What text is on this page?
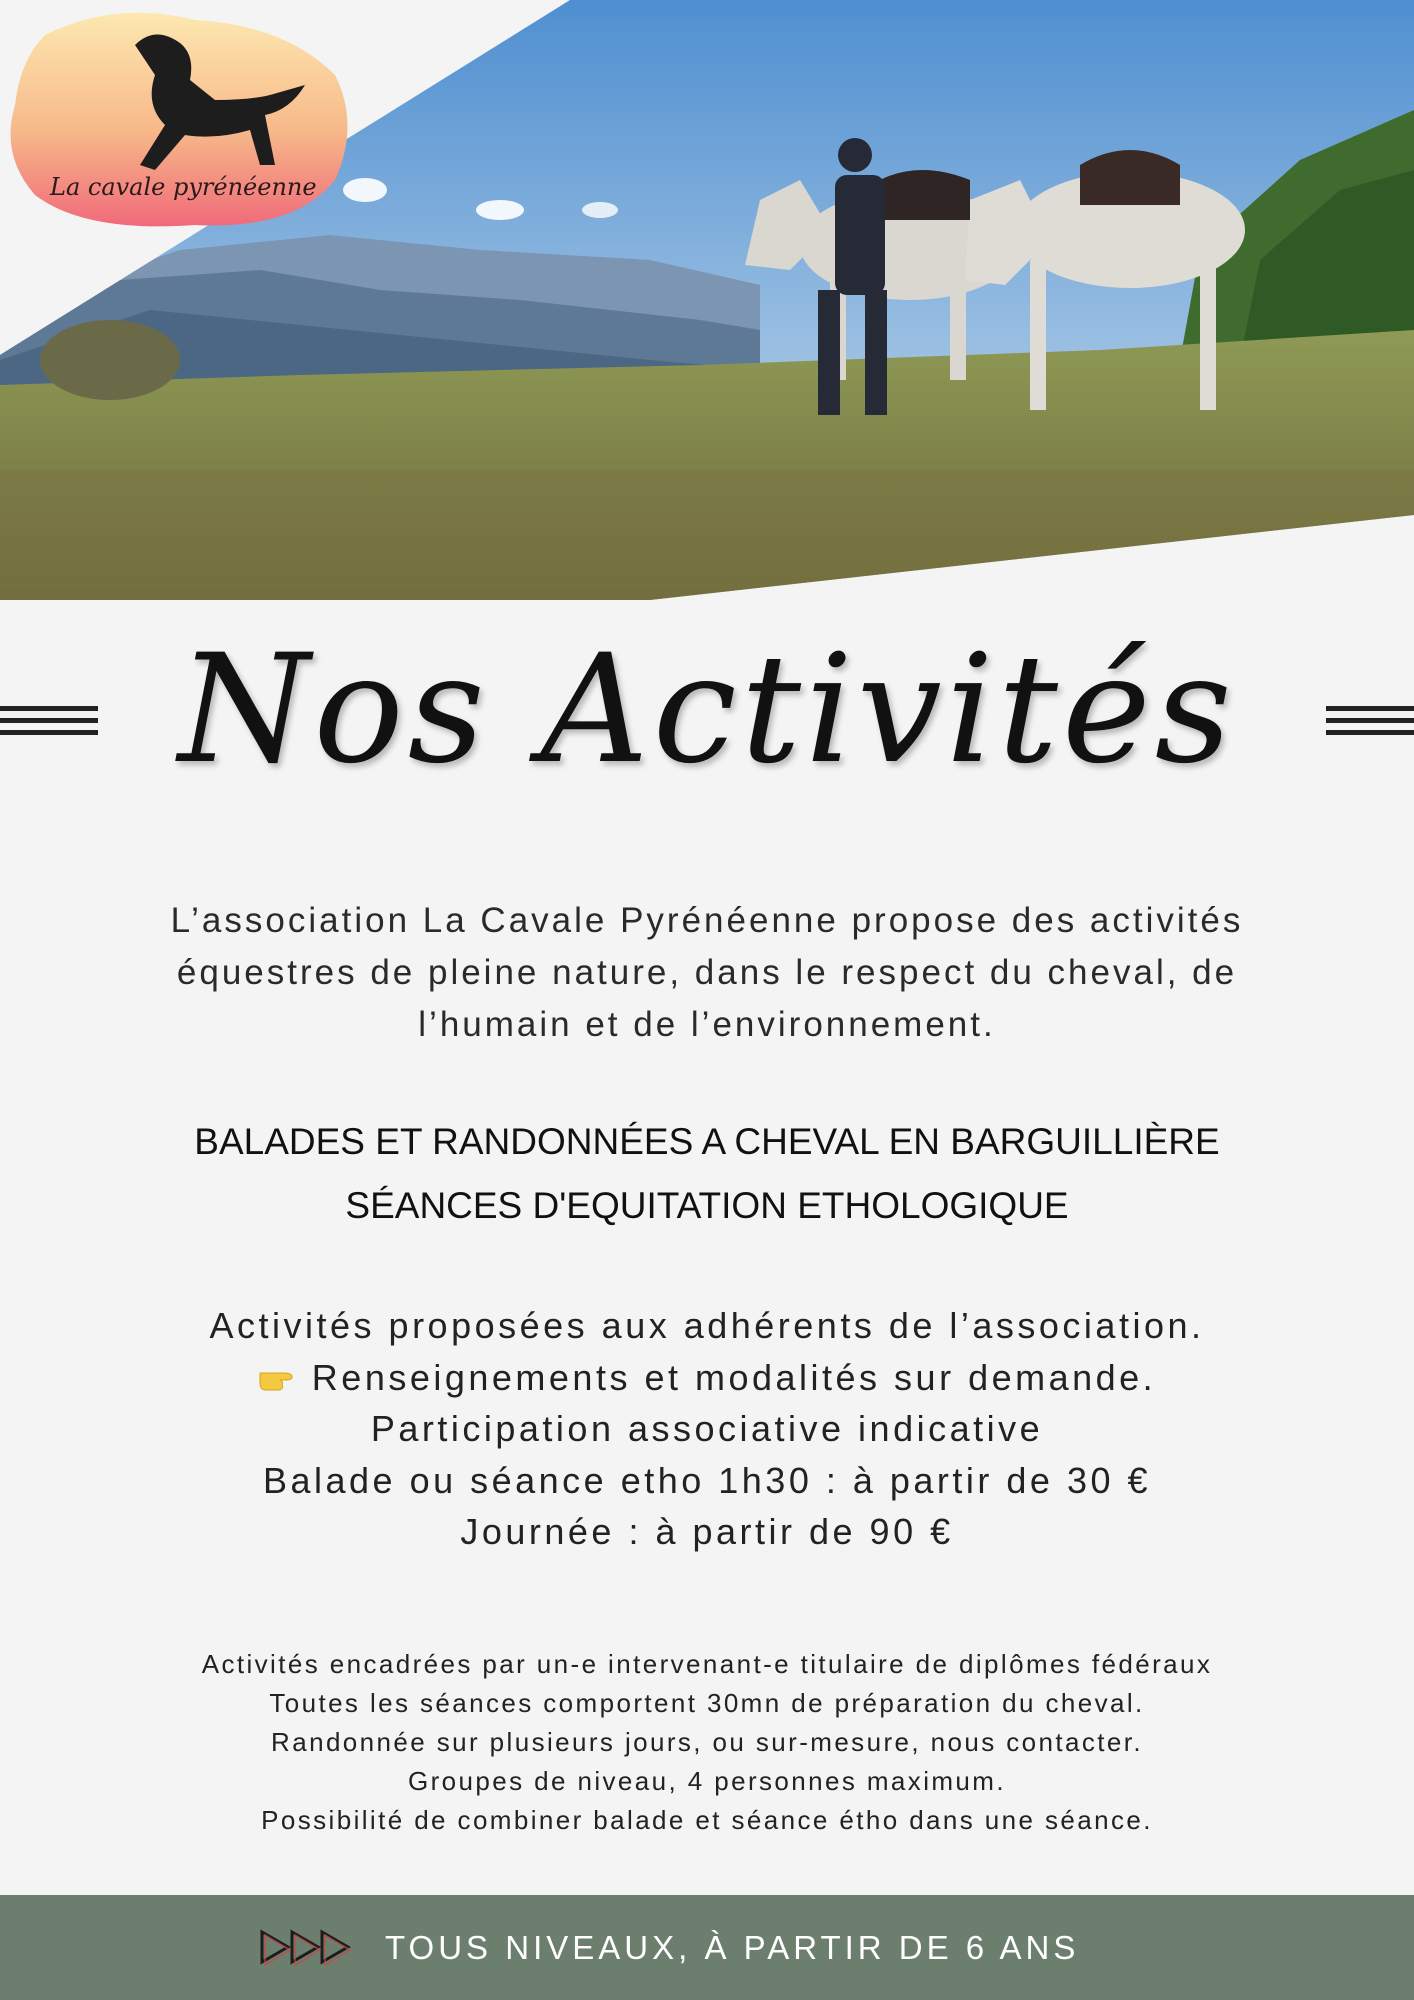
La cavale pyrénéenne
Nos Activités
L’association La Cavale Pyrénéenne propose des activités
équestres de pleine nature, dans le respect du cheval, de
l’humain et de l’environnement.
BALADES ET RANDONNÉES A CHEVAL EN BARGUILLIÈRE
SÉANCES D'EQUITATION ETHOLOGIQUE
Activités proposées aux adhérents de l’association.
Renseignements et modalités sur demande.
Participation associative indicative
Balade ou séance etho 1h30 : à partir de 30 €
Journée : à partir de 90 €
Activités encadrées par un-e intervenant-e titulaire de diplômes fédéraux
Toutes les séances comportent 30mn de préparation du cheval.
Randonnée sur plusieurs jours, ou sur-mesure, nous contacter.
Groupes de niveau, 4 personnes maximum.
Possibilité de combiner balade et séance étho dans une séance.
TOUS NIVEAUX, À PARTIR DE 6 ANS
